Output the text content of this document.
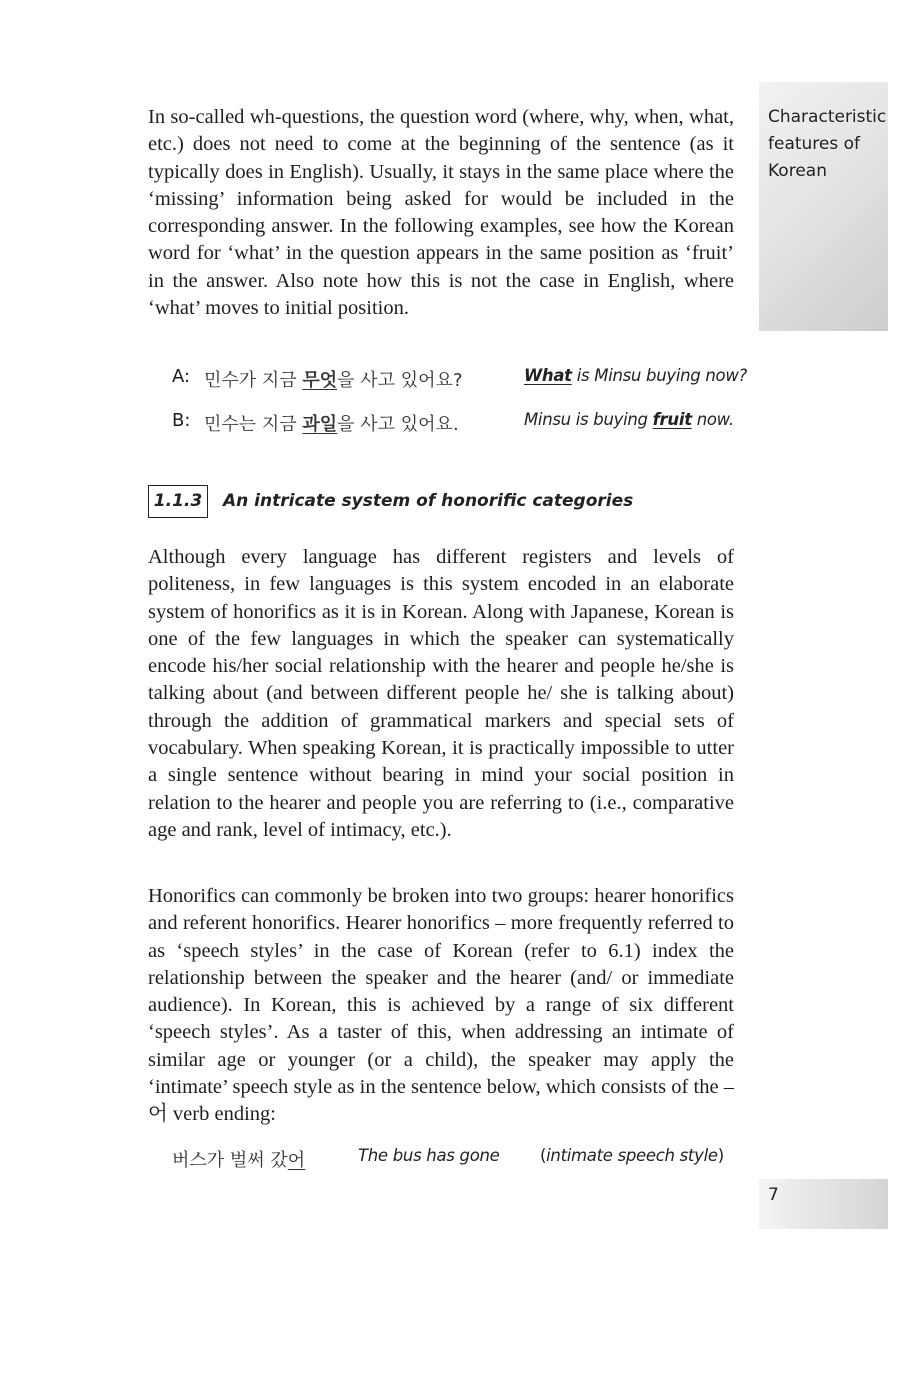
Characteristic
features of
Korean

In so-called wh-questions, the question word (where, why, when, what, etc.) does not need to come at the beginning of the sentence (as it typically does in English). Usually, it stays in the same place where the ‘missing’ information being asked for would be included in the corresponding answer. In the following examples, see how the Korean word for ‘what’ in the question appears in the same position as ‘fruit’ in the answer. Also note how this is not the case in English, where ‘what’ moves to initial position.

A: 민수가 지금 무엇을 사고 있어요?	What is Minsu buying now?
B: 민수는 지금 과일을 사고 있어요.	Minsu is buying fruit now.
1.1.3	An intricate system of honorific categories

Although every language has different registers and levels of politeness, in few languages is this system encoded in an elaborate system of honorifics as it is in Korean. Along with Japanese, Korean is one of the few languages in which the speaker can systematically encode his/her social relationship with the hearer and people he/she is talking about (and between different people he/ she is talking about) through the addition of grammatical markers and special sets of vocabulary. When speaking Korean, it is practically impossible to utter a single sentence without bearing in mind your social position in relation to the hearer and people you are referring to (i.e., comparative age and rank, level of intimacy, etc.).

Honorifics can commonly be broken into two groups: hearer honorifics and referent honorifics. Hearer honorifics – more frequently referred to as ‘speech styles’ in the case of Korean (refer to 6.1) index the relationship between the speaker and the hearer (and/ or immediate audience). In Korean, this is achieved by a range of six different ‘speech styles’. As a taster of this, when addressing an intimate of similar age or younger (or a child), the speaker may apply the ‘intimate’ speech style as in the sentence below, which consists of the –어 verb ending:

버스가 벌써 갔어	The bus has gone (intimate speech style)
7
